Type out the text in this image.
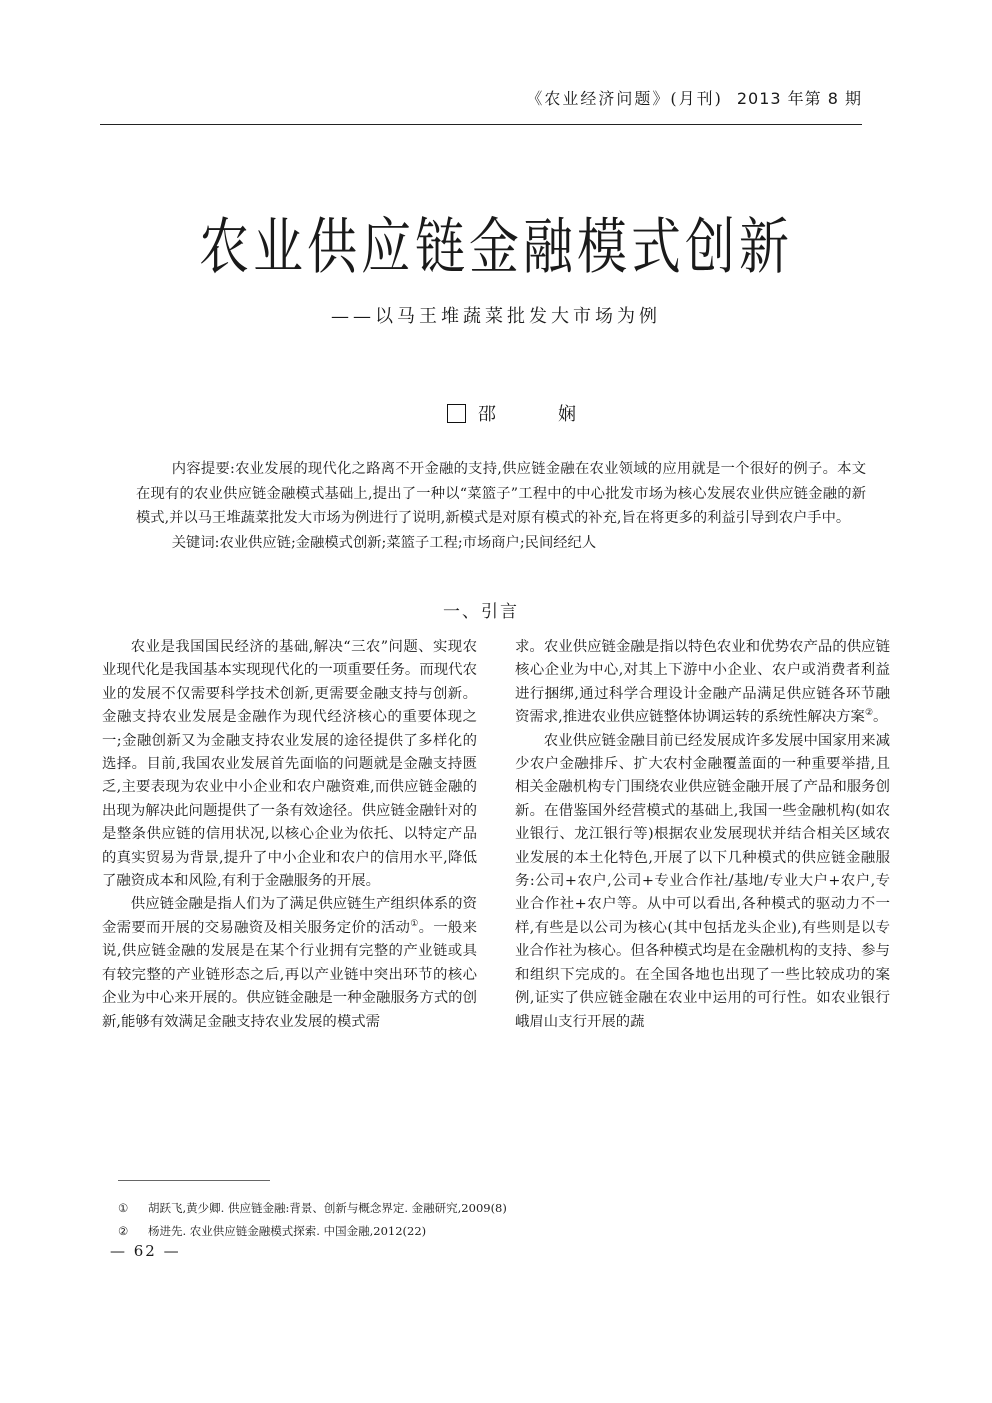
《农业经济问题》(月刊) 2013 年第 8 期
农业供应链金融模式创新
——以马王堆蔬菜批发大市场为例
邵　娴

内容提要:农业发展的现代化之路离不开金融的支持,供应链金融在农业领域的应用就是一个很好的例子。本文在现有的农业供应链金融模式基础上,提出了一种以“菜篮子”工程中的中心批发市场为核心发展农业供应链金融的新模式,并以马王堆蔬菜批发大市场为例进行了说明,新模式是对原有模式的补充,旨在将更多的利益引导到农户手中。

关键词:农业供应链;金融模式创新;菜篮子工程;市场商户;民间经纪人

一、引言

农业是我国国民经济的基础,解决“三农”问题、实现农业现代化是我国基本实现现代化的一项重要任务。而现代农业的发展不仅需要科学技术创新,更需要金融支持与创新。金融支持农业发展是金融作为现代经济核心的重要体现之一;金融创新又为金融支持农业发展的途径提供了多样化的选择。目前,我国农业发展首先面临的问题就是金融支持匮乏,主要表现为农业中小企业和农户融资难,而供应链金融的出现为解决此问题提供了一条有效途径。供应链金融针对的是整条供应链的信用状况,以核心企业为依托、以特定产品的真实贸易为背景,提升了中小企业和农户的信用水平,降低了融资成本和风险,有利于金融服务的开展。

供应链金融是指人们为了满足供应链生产组织体系的资金需要而开展的交易融资及相关服务定价的活动①。一般来说,供应链金融的发展是在某个行业拥有完整的产业链或具有较完整的产业链形态之后,再以产业链中突出环节的核心企业为中心来开展的。供应链金融是一种金融服务方式的创新,能够有效满足金融支持农业发展的模式需

求。农业供应链金融是指以特色农业和优势农产品的供应链核心企业为中心,对其上下游中小企业、农户或消费者利益进行捆绑,通过科学合理设计金融产品满足供应链各环节融资需求,推进农业供应链整体协调运转的系统性解决方案②。

农业供应链金融目前已经发展成许多发展中国家用来减少农户金融排斥、扩大农村金融覆盖面的一种重要举措,且相关金融机构专门围绕农业供应链金融开展了产品和服务创新。在借鉴国外经营模式的基础上,我国一些金融机构(如农业银行、龙江银行等)根据农业发展现状并结合相关区域农业发展的本土化特色,开展了以下几种模式的供应链金融服务:公司+农户,公司+专业合作社/基地/专业大户+农户,专业合作社+农户等。从中可以看出,各种模式的驱动力不一样,有些是以公司为核心(其中包括龙头企业),有些则是以专业合作社为核心。但各种模式均是在金融机构的支持、参与和组织下完成的。在全国各地也出现了一些比较成功的案例,证实了供应链金融在农业中运用的可行性。如农业银行峨眉山支行开展的蔬

①	胡跃飞,黄少卿. 供应链金融:背景、创新与概念界定. 金融研究,2009(8)
②	杨进先. 农业供应链金融模式探索. 中国金融,2012(22)
— 62 —
